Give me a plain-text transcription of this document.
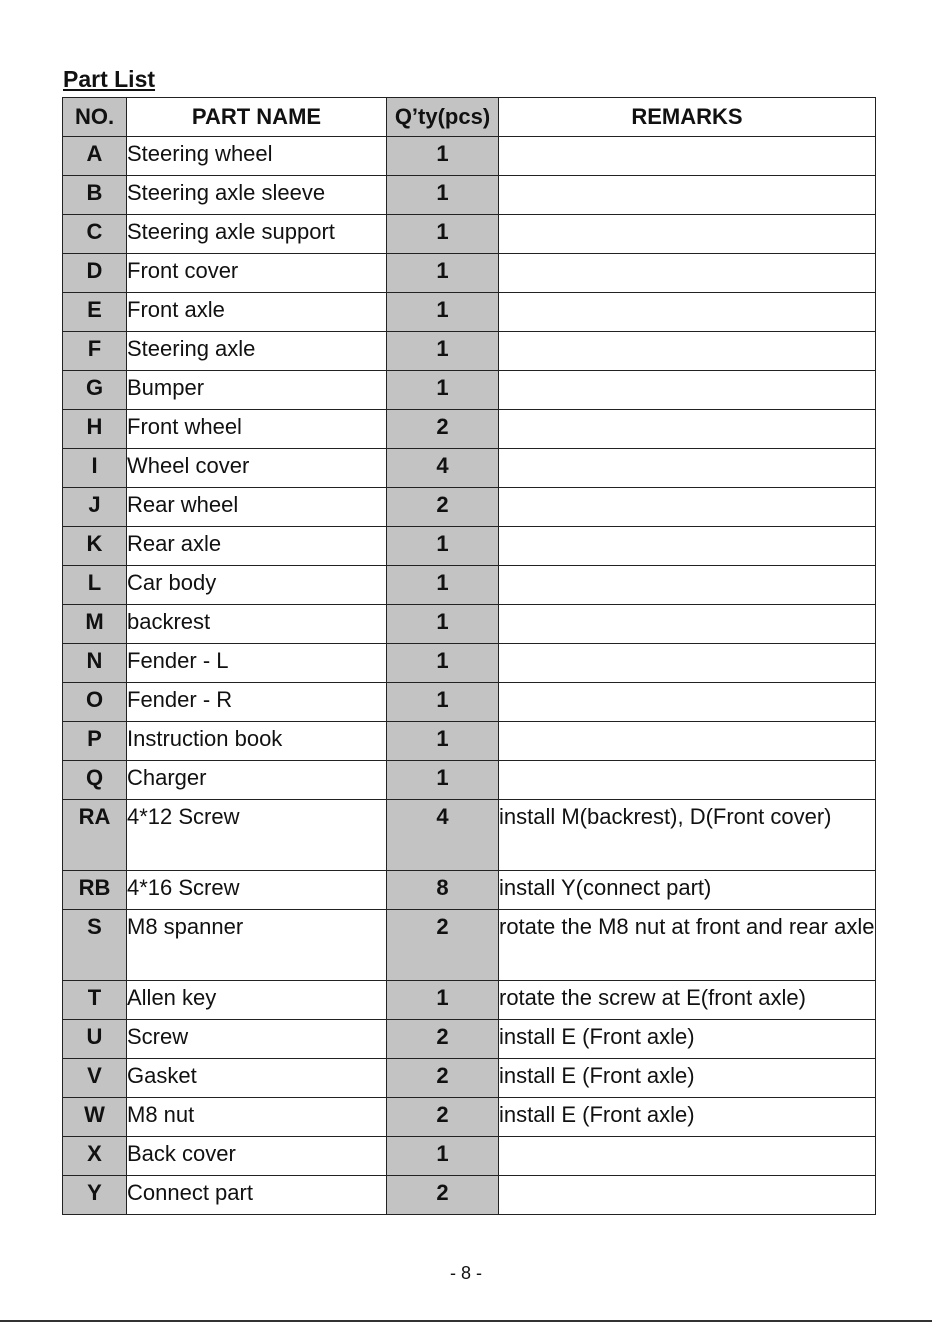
Part List
NO.	PART NAME	Q’ty(pcs)	REMARKS
A	Steering wheel	1	
B	Steering axle sleeve	1	
C	Steering axle support	1	
D	Front cover	1	
E	Front axle	1	
F	Steering axle	1	
G	Bumper	1	
H	Front wheel	2	
I	Wheel cover	4	
J	Rear wheel	2	
K	Rear axle	1	
L	Car body	1	
M	backrest	1	
N	Fender - L	1	
O	Fender - R	1	
P	Instruction book	1	
Q	Charger	1	
RA	4*12 Screw	4	install M(backrest), D(Front cover)
RB	4*16 Screw	8	install Y(connect part)
S	M8 spanner	2	rotate the M8 nut at front and rear axle
T	Allen key	1	rotate the screw at E(front axle)
U	Screw	2	install E (Front axle)
V	Gasket	2	install E (Front axle)
W	M8 nut	2	install E (Front axle)
X	Back cover	1	
Y	Connect part	2	
- 8 -
